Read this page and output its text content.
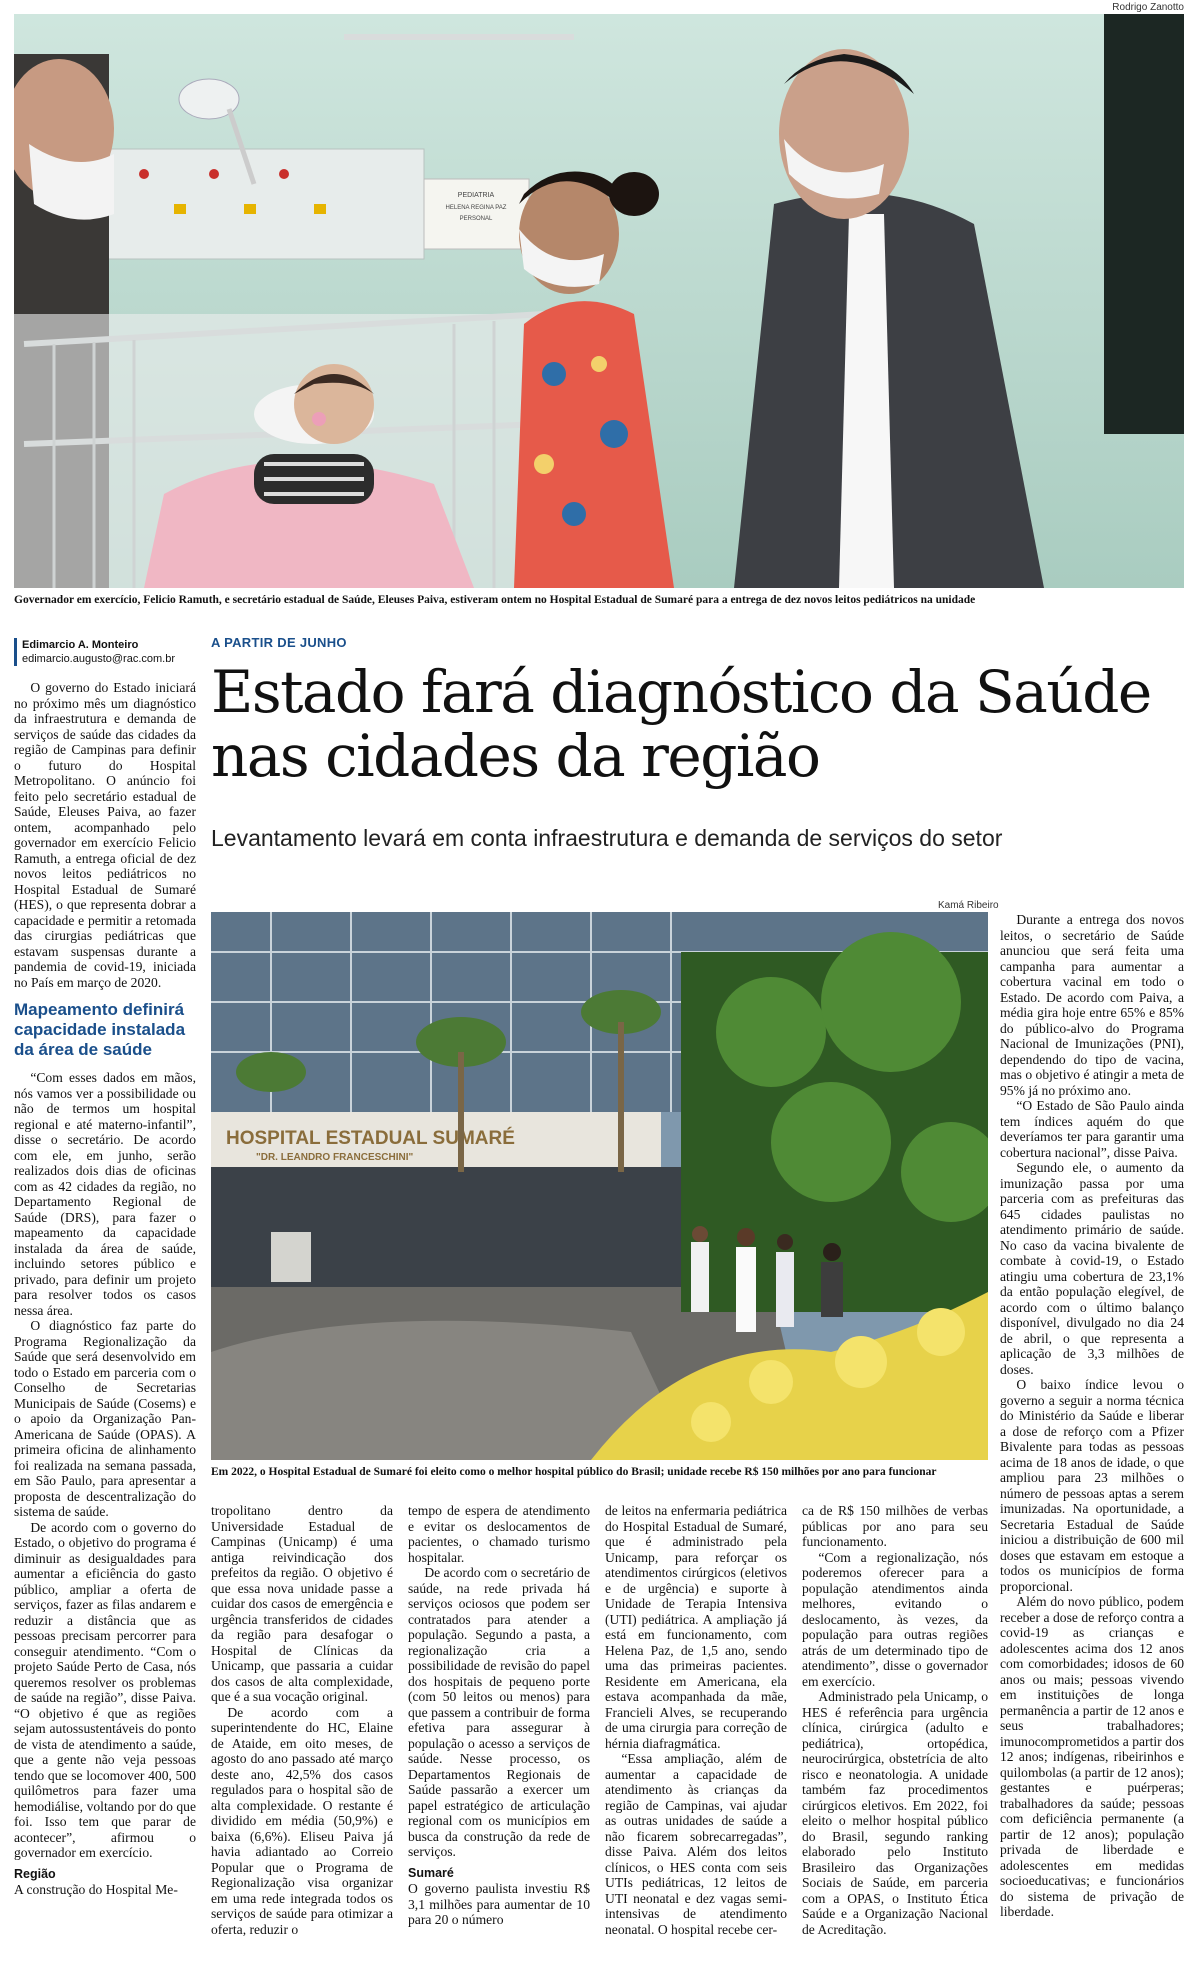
Rodrigo Zanotto
PEDIATRIA
HELENA REGINA PAZ
PERSONAL
Governador em exercício, Felicio Ramuth, e secretário estadual de Saúde, Eleuses Paiva, estiveram ontem no Hospital Estadual de Sumaré para a entrega de dez novos leitos pediátricos na unidade
Edimarcio A. Monteiro
edimarcio.augusto@rac.com.br
A PARTIR DE JUNHO
Estado fará diagnóstico da Saúde nas cidades da região
Levantamento levará em conta infraestrutura e demanda de serviços do setor
Kamá Ribeiro
HOSPITAL ESTADUAL SUMARÉ
"DR. LEANDRO FRANCESCHINI"
Em 2022, o Hospital Estadual de Sumaré foi eleito como o melhor hospital público do Brasil; unidade recebe R$ 150 milhões por ano para funcionar

O governo do Estado iniciará no próximo mês um diagnóstico da infraestrutura e demanda de serviços de saúde das cidades da região de Campinas para definir o futuro do Hospital Metropolitano. O anúncio foi feito pelo secretário estadual de Saúde, Eleuses Paiva, ao fazer ontem, acompanhado pelo governador em exercício Felicio Ramuth, a entrega oficial de dez novos leitos pediátricos no Hospital Estadual de Sumaré (HES), o que representa dobrar a capacidade e permitir a retomada das cirurgias pediátricas que estavam suspensas durante a pandemia de covid-19, iniciada no País em março de 2020.

Mapeamento definirá capacidade instalada da área de saúde

“Com esses dados em mãos, nós vamos ver a possibilidade ou não de termos um hospital regional e até materno-infantil”, disse o secretário. De acordo com ele, em junho, serão realizados dois dias de oficinas com as 42 cidades da região, no Departamento Regional de Saúde (DRS), para fazer o mapeamento da capacidade instalada da área de saúde, incluindo setores público e privado, para definir um projeto para resolver todos os casos nessa área.

O diagnóstico faz parte do Programa Regionalização da Saúde que será desenvolvido em todo o Estado em parceria com o Conselho de Secretarias Municipais de Saúde (Cosems) e o apoio da Organização Pan-Americana de Saúde (OPAS). A primeira oficina de alinhamento foi realizada na semana passada, em São Paulo, para apresentar a proposta de descentralização do sistema de saúde.

De acordo com o governo do Estado, o objetivo do programa é diminuir as desigualdades para aumentar a eficiência do gasto público, ampliar a oferta de serviços, fazer as filas andarem e reduzir a distância que as pessoas precisam percorrer para conseguir atendimento. “Com o projeto Saúde Perto de Casa, nós queremos resolver os problemas de saúde na região”, disse Paiva. “O objetivo é que as regiões sejam autossustentáveis do ponto de vista de atendimento a saúde, que a gente não veja pessoas tendo que se locomover 400, 500 quilômetros para fazer uma hemodiálise, voltando por do que foi. Isso tem que parar de acontecer”, afirmou o governador em exercício.

Região

A construção do Hospital Me-

tropolitano dentro da Universidade Estadual de Campinas (Unicamp) é uma antiga reivindicação dos prefeitos da região. O objetivo é que essa nova unidade passe a cuidar dos casos de emergência e urgência transferidos de cidades da região para desafogar o Hospital de Clínicas da Unicamp, que passaria a cuidar dos casos de alta complexidade, que é a sua vocação original.

De acordo com a superintendente do HC, Elaine de Ataide, em oito meses, de agosto do ano passado até março deste ano, 42,5% dos casos regulados para o hospital são de alta complexidade. O restante é dividido em média (50,9%) e baixa (6,6%). Eliseu Paiva já havia adiantado ao Correio Popular que o Programa de Regionalização visa organizar em uma rede integrada todos os serviços de saúde para otimizar a oferta, reduzir o

tempo de espera de atendimento e evitar os deslocamentos de pacientes, o chamado turismo hospitalar.

De acordo com o secretário de saúde, na rede privada há serviços ociosos que podem ser contratados para atender a população. Segundo a pasta, a regionalização cria a possibilidade de revisão do papel dos hospitais de pequeno porte (com 50 leitos ou menos) para que passem a contribuir de forma efetiva para assegurar à população o acesso a serviços de saúde. Nesse processo, os Departamentos Regionais de Saúde passarão a exercer um papel estratégico de articulação regional com os municípios em busca da construção da rede de serviços.

Sumaré

O governo paulista investiu R$ 3,1 milhões para aumentar de 10 para 20 o número

de leitos na enfermaria pediátrica do Hospital Estadual de Sumaré, que é administrado pela Unicamp, para reforçar os atendimentos cirúrgicos (eletivos e de urgência) e suporte à Unidade de Terapia Intensiva (UTI) pediátrica. A ampliação já está em funcionamento, com Helena Paz, de 1,5 ano, sendo uma das primeiras pacientes. Residente em Americana, ela estava acompanhada da mãe, Francieli Alves, se recuperando de uma cirurgia para correção de hérnia diafragmática.

“Essa ampliação, além de aumentar a capacidade de atendimento às crianças da região de Campinas, vai ajudar as outras unidades de saúde a não ficarem sobrecarregadas”, disse Paiva. Além dos leitos clínicos, o HES conta com seis UTIs pediátricas, 12 leitos de UTI neonatal e dez vagas semi-intensivas de atendimento neonatal. O hospital recebe cer-

ca de R$ 150 milhões de verbas públicas por ano para seu funcionamento.

“Com a regionalização, nós poderemos oferecer para a população atendimentos ainda melhores, evitando o deslocamento, às vezes, da população para outras regiões atrás de um determinado tipo de atendimento”, disse o governador em exercício.

Administrado pela Unicamp, o HES é referência para urgência clínica, cirúrgica (adulto e pediátrica), ortopédica, neurocirúrgica, obstetrícia de alto risco e neonatologia. A unidade também faz procedimentos cirúrgicos eletivos. Em 2022, foi eleito o melhor hospital público do Brasil, segundo ranking elaborado pelo Instituto Brasileiro das Organizações Sociais de Saúde, em parceria com a OPAS, o Instituto Ética Saúde e a Organização Nacional de Acreditação.

Durante a entrega dos novos leitos, o secretário de Saúde anunciou que será feita uma campanha para aumentar a cobertura vacinal em todo o Estado. De acordo com Paiva, a média gira hoje entre 65% e 85% do público-alvo do Programa Nacional de Imunizações (PNI), dependendo do tipo de vacina, mas o objetivo é atingir a meta de 95% já no próximo ano.

“O Estado de São Paulo ainda tem índices aquém do que deveríamos ter para garantir uma cobertura nacional”, disse Paiva.

Segundo ele, o aumento da imunização passa por uma parceria com as prefeituras das 645 cidades paulistas no atendimento primário de saúde. No caso da vacina bivalente de combate à covid-19, o Estado atingiu uma cobertura de 23,1% da então população elegível, de acordo com o último balanço disponível, divulgado no dia 24 de abril, o que representa a aplicação de 3,3 milhões de doses.

O baixo índice levou o governo a seguir a norma técnica do Ministério da Saúde e liberar a dose de reforço com a Pfizer Bivalente para todas as pessoas acima de 18 anos de idade, o que ampliou para 23 milhões o número de pessoas aptas a serem imunizadas. Na oportunidade, a Secretaria Estadual de Saúde iniciou a distribuição de 600 mil doses que estavam em estoque a todos os municípios de forma proporcional.

Além do novo público, podem receber a dose de reforço contra a covid-19 as crianças e adolescentes acima dos 12 anos com comorbidades; idosos de 60 anos ou mais; pessoas vivendo em instituições de longa permanência a partir de 12 anos e seus trabalhadores; imunocomprometidos a partir dos 12 anos; indígenas, ribeirinhos e quilombolas (a partir de 12 anos); gestantes e puérperas; trabalhadores da saúde; pessoas com deficiência permanente (a partir de 12 anos); população privada de liberdade e adolescentes em medidas socioeducativas; e funcionários do sistema de privação de liberdade.
